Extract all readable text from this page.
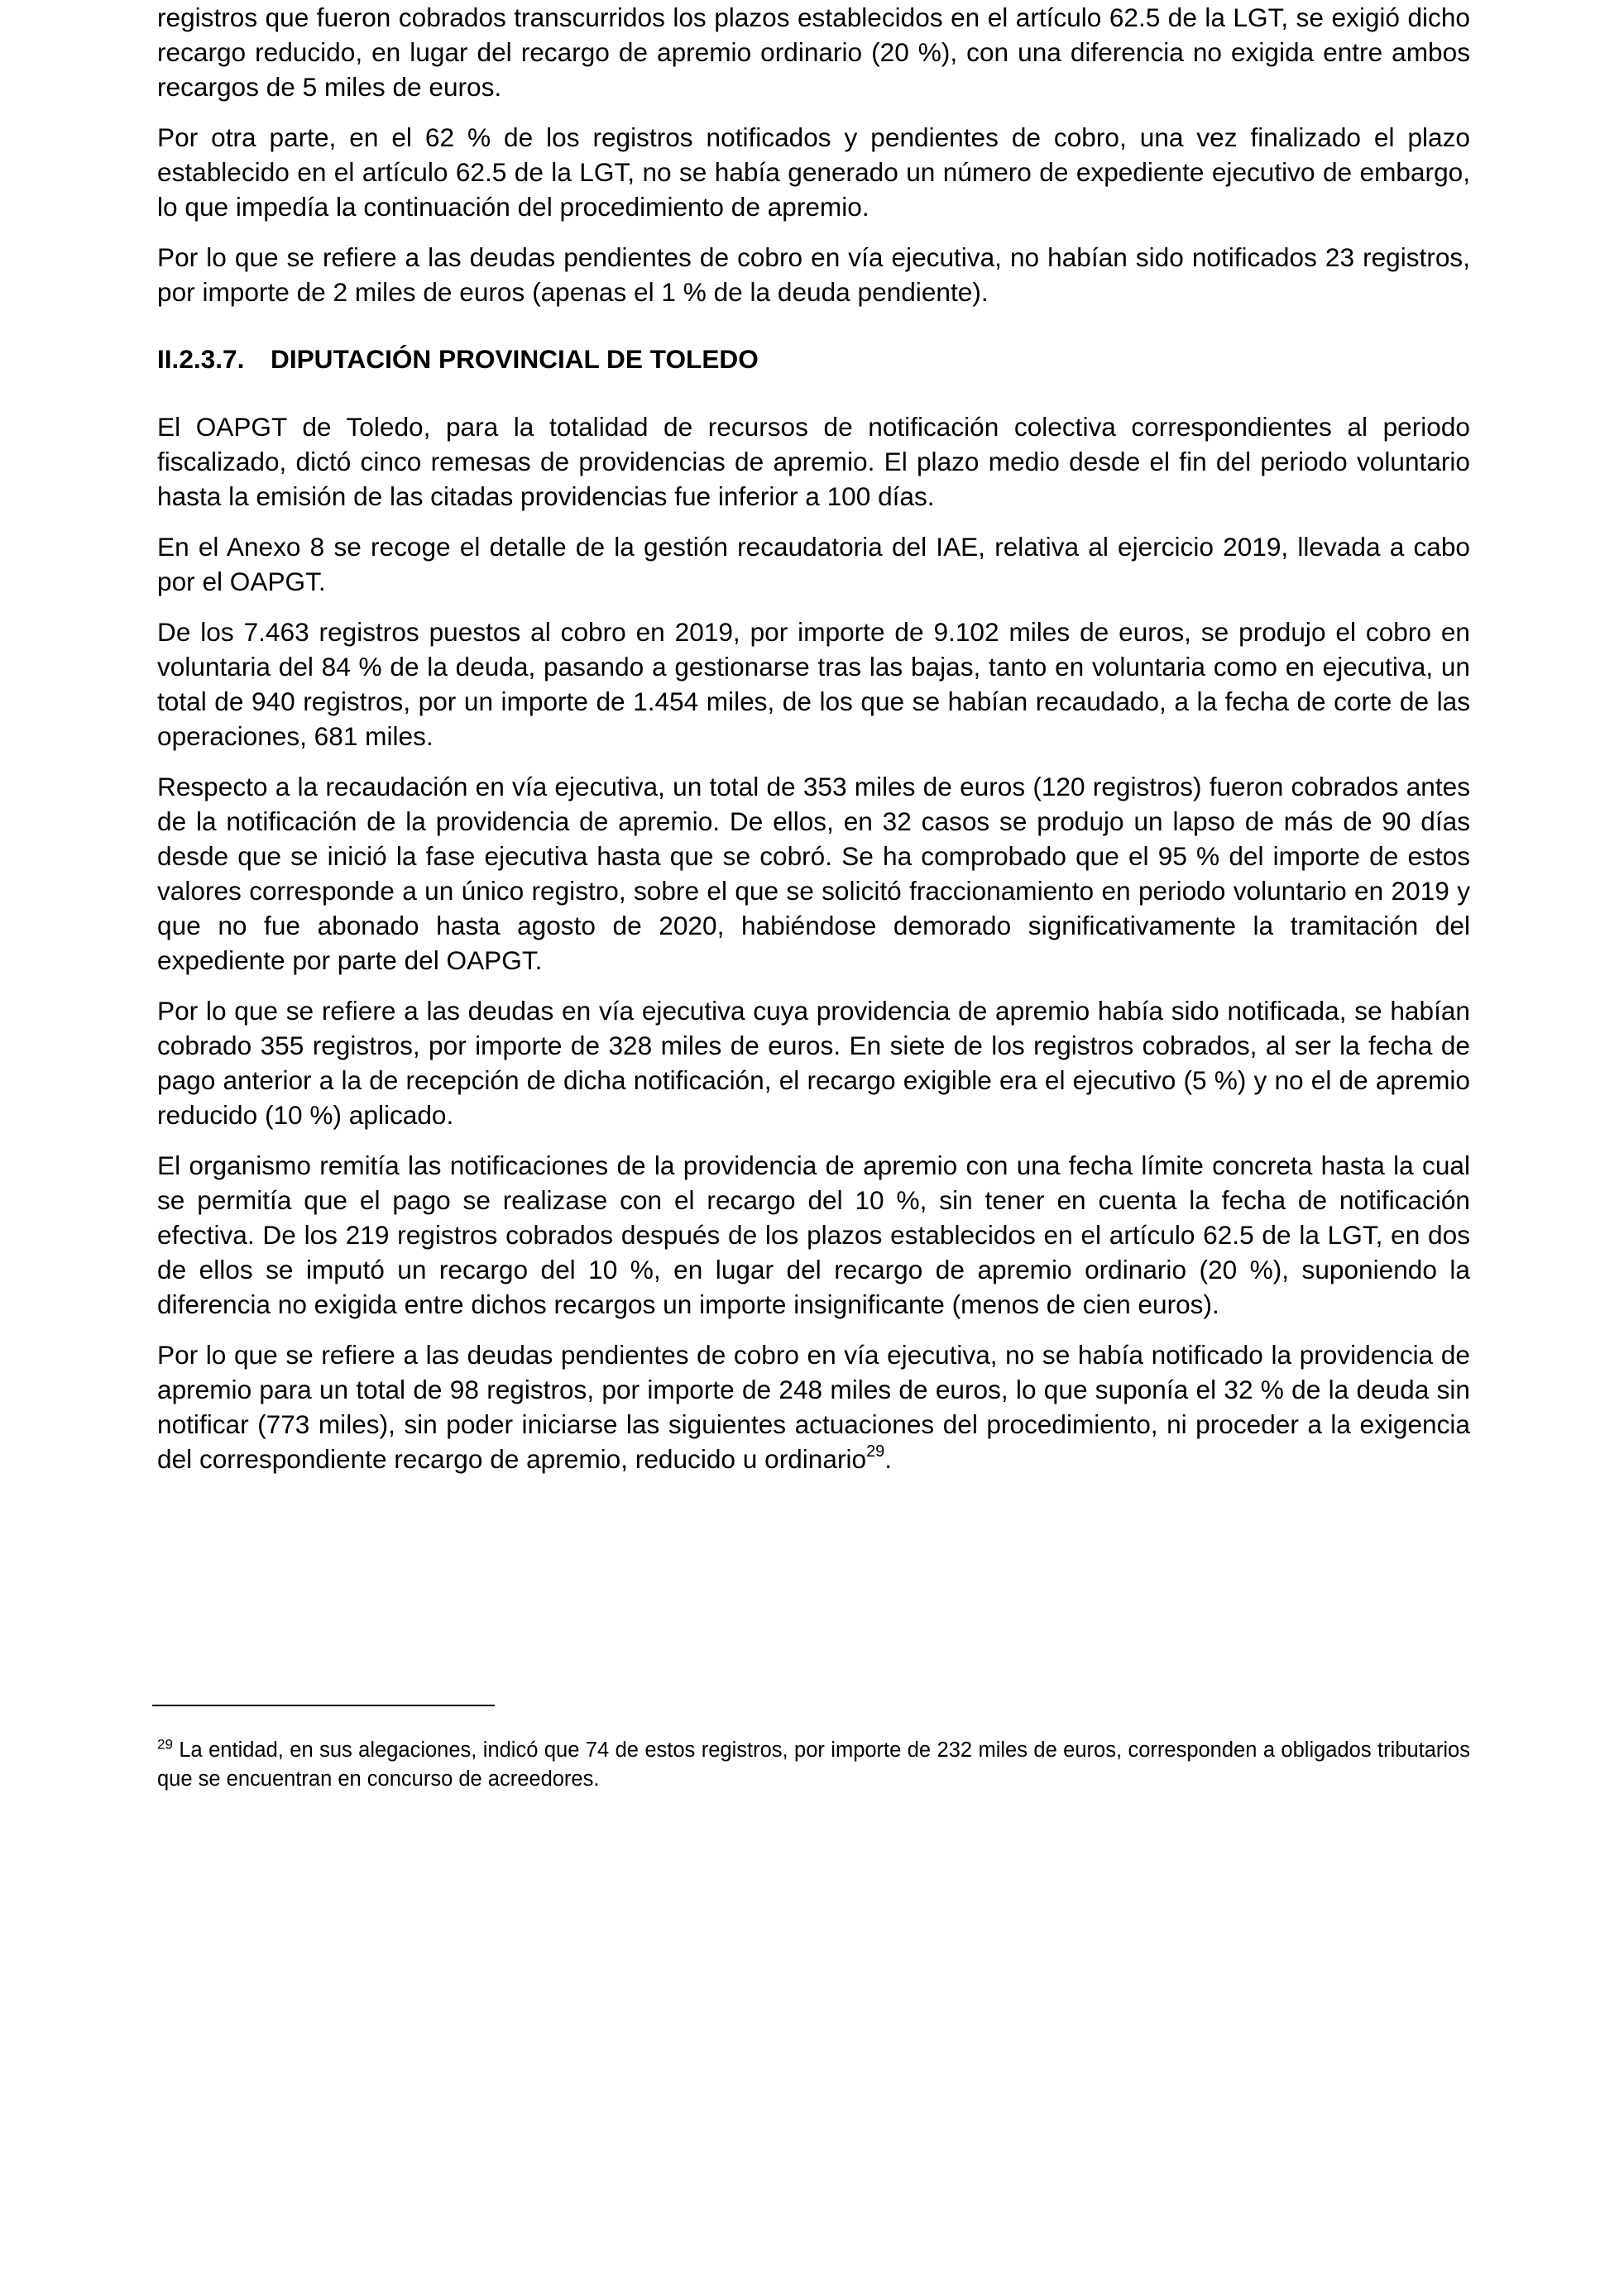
registros que fueron cobrados transcurridos los plazos establecidos en el artículo 62.5 de la LGT, se exigió dicho recargo reducido, en lugar del recargo de apremio ordinario (20 %), con una diferencia no exigida entre ambos recargos de 5 miles de euros.

Por otra parte, en el 62 % de los registros notificados y pendientes de cobro, una vez finalizado el plazo establecido en el artículo 62.5 de la LGT, no se había generado un número de expediente ejecutivo de embargo, lo que impedía la continuación del procedimiento de apremio.

Por lo que se refiere a las deudas pendientes de cobro en vía ejecutiva, no habían sido notificados 23 registros, por importe de 2 miles de euros (apenas el 1 % de la deuda pendiente).

II.2.3.7. DIPUTACIÓN PROVINCIAL DE TOLEDO

El OAPGT de Toledo, para la totalidad de recursos de notificación colectiva correspondientes al periodo fiscalizado, dictó cinco remesas de providencias de apremio. El plazo medio desde el fin del periodo voluntario hasta la emisión de las citadas providencias fue inferior a 100 días.

En el Anexo 8 se recoge el detalle de la gestión recaudatoria del IAE, relativa al ejercicio 2019, llevada a cabo por el OAPGT.

De los 7.463 registros puestos al cobro en 2019, por importe de 9.102 miles de euros, se produjo el cobro en voluntaria del 84 % de la deuda, pasando a gestionarse tras las bajas, tanto en voluntaria como en ejecutiva, un total de 940 registros, por un importe de 1.454 miles, de los que se habían recaudado, a la fecha de corte de las operaciones, 681 miles.

Respecto a la recaudación en vía ejecutiva, un total de 353 miles de euros (120 registros) fueron cobrados antes de la notificación de la providencia de apremio. De ellos, en 32 casos se produjo un lapso de más de 90 días desde que se inició la fase ejecutiva hasta que se cobró. Se ha comprobado que el 95 % del importe de estos valores corresponde a un único registro, sobre el que se solicitó fraccionamiento en periodo voluntario en 2019 y que no fue abonado hasta agosto de 2020, habiéndose demorado significativamente la tramitación del expediente por parte del OAPGT.

Por lo que se refiere a las deudas en vía ejecutiva cuya providencia de apremio había sido notificada, se habían cobrado 355 registros, por importe de 328 miles de euros. En siete de los registros cobrados, al ser la fecha de pago anterior a la de recepción de dicha notificación, el recargo exigible era el ejecutivo (5 %) y no el de apremio reducido (10 %) aplicado.

El organismo remitía las notificaciones de la providencia de apremio con una fecha límite concreta hasta la cual se permitía que el pago se realizase con el recargo del 10 %, sin tener en cuenta la fecha de notificación efectiva. De los 219 registros cobrados después de los plazos establecidos en el artículo 62.5 de la LGT, en dos de ellos se imputó un recargo del 10 %, en lugar del recargo de apremio ordinario (20 %), suponiendo la diferencia no exigida entre dichos recargos un importe insignificante (menos de cien euros).

Por lo que se refiere a las deudas pendientes de cobro en vía ejecutiva, no se había notificado la providencia de apremio para un total de 98 registros, por importe de 248 miles de euros, lo que suponía el 32 % de la deuda sin notificar (773 miles), sin poder iniciarse las siguientes actuaciones del procedimiento, ni proceder a la exigencia del correspondiente recargo de apremio, reducido u ordinario$^{29}$.

$^{29}$ La entidad, en sus alegaciones, indicó que 74 de estos registros, por importe de 232 miles de euros, corresponden a obligados tributarios que se encuentran en concurso de acreedores.
